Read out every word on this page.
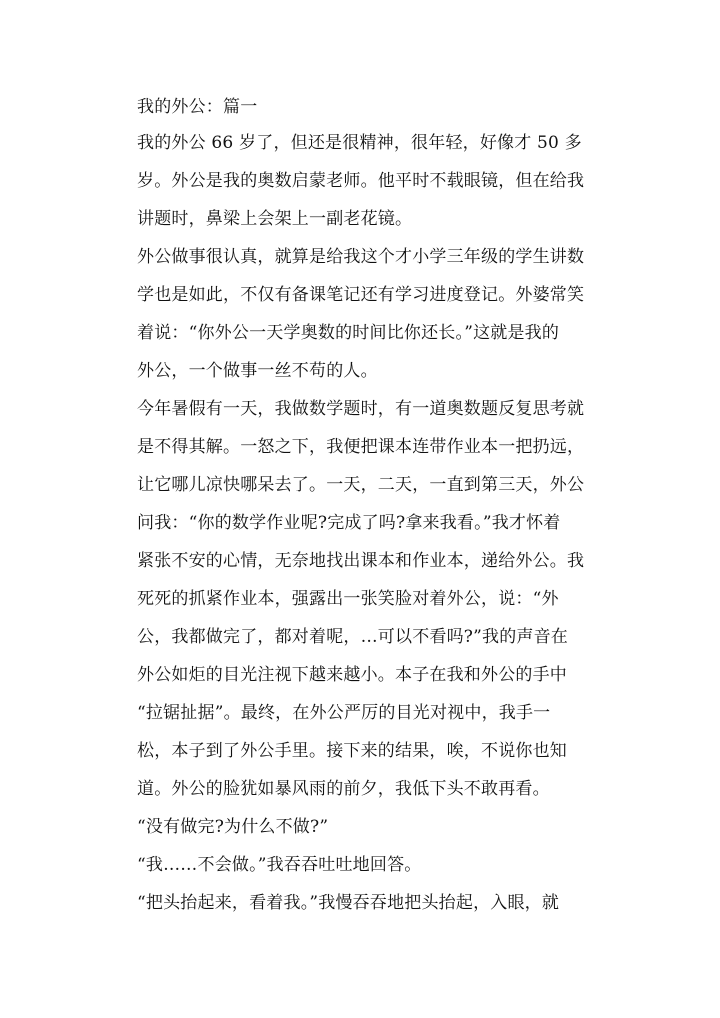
我的外公：篇一
我的外公 66 岁了，但还是很精神，很年轻，好像才 50 多
岁。外公是我的奥数启蒙老师。他平时不载眼镜，但在给我
讲题时，鼻梁上会架上一副老花镜。
外公做事很认真，就算是给我这个才小学三年级的学生讲数
学也是如此，不仅有备课笔记还有学习进度登记。外婆常笑
着说：“你外公一天学奥数的时间比你还长。”这就是我的
外公，一个做事一丝不苟的人。
今年暑假有一天，我做数学题时，有一道奥数题反复思考就
是不得其解。一怒之下，我便把课本连带作业本一把扔远，
让它哪儿凉快哪呆去了。一天，二天，一直到第三天，外公
问我：“你的数学作业呢?完成了吗?拿来我看。”我才怀着
紧张不安的心情，无奈地找出课本和作业本，递给外公。我
死死的抓紧作业本，强露出一张笑脸对着外公，说：“外
公，我都做完了，都对着呢，…可以不看吗?”我的声音在
外公如炬的目光注视下越来越小。本子在我和外公的手中
“拉锯扯据”。最终，在外公严厉的目光对视中，我手一
松，本子到了外公手里。接下来的结果，唉，不说你也知
道。外公的脸犹如暴风雨的前夕，我低下头不敢再看。
“没有做完?为什么不做?”
“我……不会做。”我吞吞吐吐地回答。
“把头抬起来，看着我。”我慢吞吞地把头抬起，入眼，就
